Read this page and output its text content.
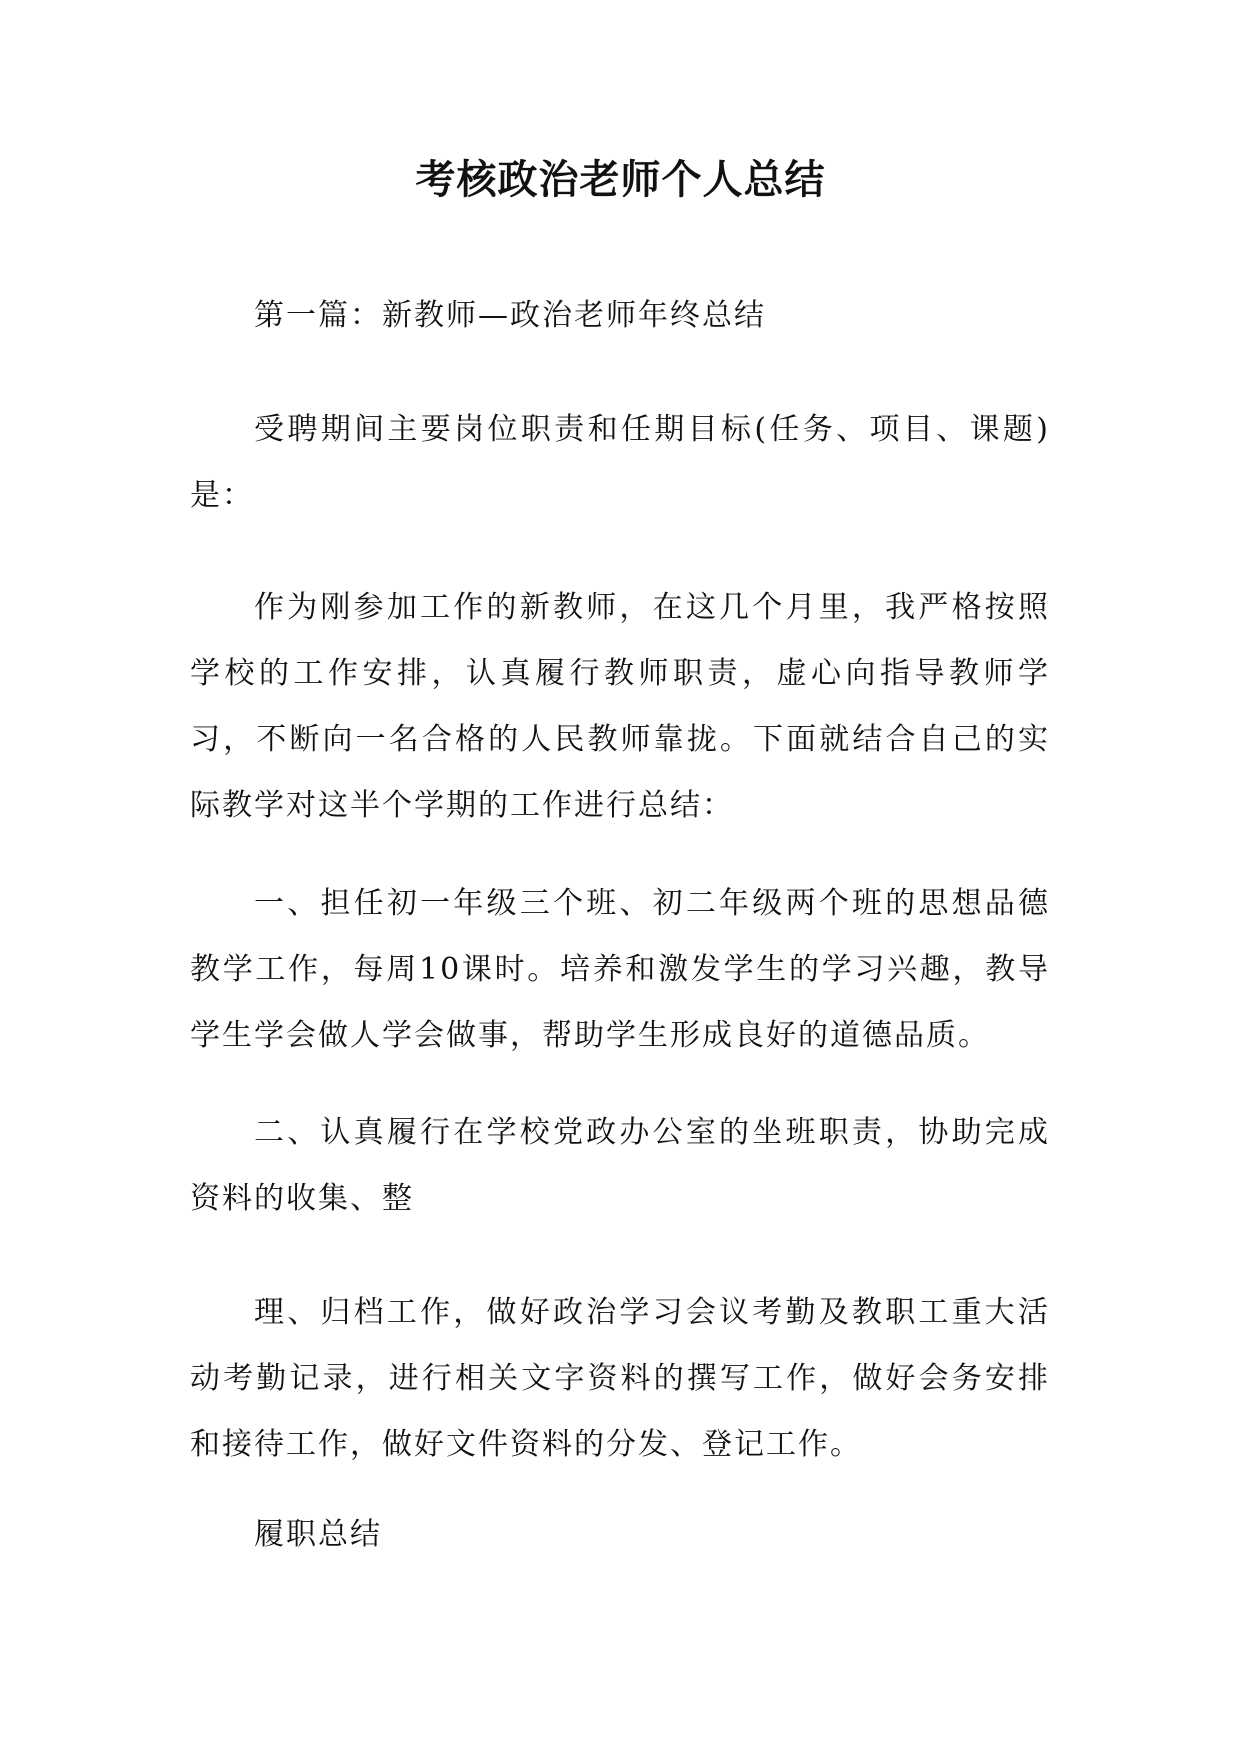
考核政治老师个人总结

第一篇：新教师—政治老师年终总结

受聘期间主要岗位职责和任期目标(任务、项目、课题)是：

作为刚参加工作的新教师，在这几个月里，我严格按照学校的工作安排，认真履行教师职责，虚心向指导教师学习，不断向一名合格的人民教师靠拢。下面就结合自己的实际教学对这半个学期的工作进行总结：

一、担任初一年级三个班、初二年级两个班的思想品德教学工作，每周10课时。培养和激发学生的学习兴趣，教导学生学会做人学会做事，帮助学生形成良好的道德品质。

二、认真履行在学校党政办公室的坐班职责，协助完成资料的收集、整

理、归档工作，做好政治学习会议考勤及教职工重大活动考勤记录，进行相关文字资料的撰写工作，做好会务安排和接待工作，做好文件资料的分发、登记工作。

履职总结
